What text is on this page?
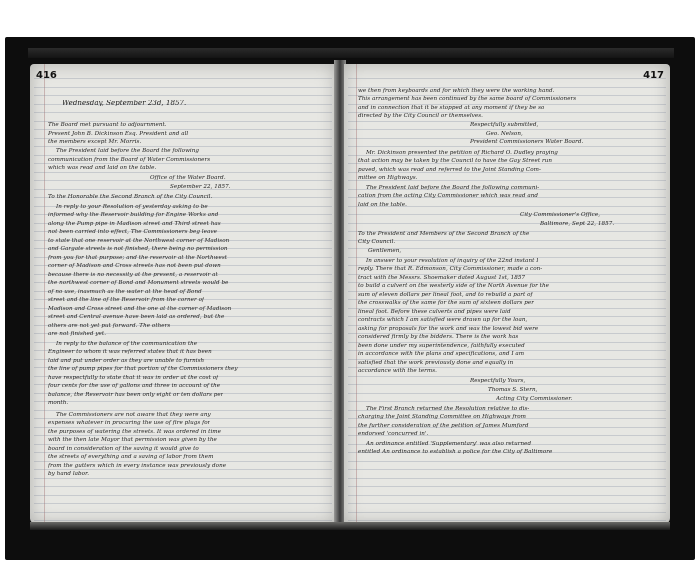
416
Wednesday, September 23d, 1857.
The Board met pursuant to adjournment.
Present John B. Dickinson Esq. President and all
the members except Mr. Morris.
The President laid before the Board the following
communication from the Board of Water Commissioners
which was read and laid on the table.
Office of the Water Board.
September 22, 1857.
To the Honorable the Second Branch of the City Council.
In reply to your Resolution of yesterday asking to be
informed why the Reservoir building for Engine Works and
along the Pump pipe in Madison street and Third street has
not been carried into effect, The Commissioners beg leave
to state that one reservoir at the Northwest corner of Madison
and Gargate streets is not finished, there being no permission
from you for that purpose; and the reservoir at the Northwest
corner of Madison and Cross streets has not been put down
because there is no necessity at the present, a reservoir at
the northwest corner of Bond and Monument streets would be
of no use, inasmuch as the water at the head of Bond
street and the line of the Reservoir from the corner of
Madison and Cross street and the one at the corner of Madison
street and Central avenue have been laid as ordered, but the
others are not yet put forward. The others
are not finished yet.
In reply to the balance of the communication the
Engineer to whom it was referred states that it has been
laid and put under order as they are unable to furnish
the line of pump pipes for that portion of the Commissioners they
have respectfully to state that it was in order at the cost of
four cents for the use of gallons and three in account of the
balance, the Reservoir has been only eight or ten dollars per
month.
The Commissioners are not aware that they were any
expenses whatever in procuring the use of fire plugs for
the purposes of watering the streets. It was ordered in time
with the then late Mayor that permission was given by the
board in consideration of the saving it would give to
the streets of everything and a saving of labor from them
from the gutters which in every instance was previously done
by hand labor.
417
we then from keyboards and for which they were the working hand.
This arrangement has been continued by the same board of Commissioners
and in connection that it be stopped at any moment if they be so
directed by the City Council or themselves.
Respectfully submitted,
Geo. Nelson,
President Commissioners Water Board.
Mr. Dickinson presented the petition of Richard O. Dudley praying
that action may be taken by the Council to have the Gay Street run
paved, which was read and referred to the Joint Standing Com-
mittee on Highways.
The President laid before the Board the following communi-
cation from the acting City Commissioner which was read and
laid on the table.
City Commissioner's Office,
Baltimore, Sept 22, 1857.
To the President and Members of the Second Branch of the
City Council.
Gentlemen,
In answer to your resolution of inquiry of the 22nd instant I
reply. There that R. Edmonson, City Commissioner, made a con-
tract with the Messrs. Shoemaker dated August 1st, 1857
to build a culvert on the westerly side of the North Avenue for the
sum of eleven dollars per lineal foot, and to rebuild a part of
the crosswalks of the same for the sum of sixteen dollars per
lineal foot. Before these culverts and pipes were laid
contracts which I am satisfied were drawn up for the loan,
asking for proposals for the work and was the lowest bid were
considered firmly by the bidders. There is the work has
been done under my superintendence, faithfully executed
in accordance with the plans and specifications, and I am
satisfied that the work previously done and equally in
accordance with the terms.
Respectfully Yours,
Thomas S. Stern,
Acting City Commissioner.
The First Branch returned the Resolution relative to dis-
charging the Joint Standing Committee on Highways from
the further consideration of the petition of James Mumford
endorsed 'concurred in'.
An ordinance entitled 'Supplementary' was also returned
entitled An ordinance to establish a police for the City of Baltimore
